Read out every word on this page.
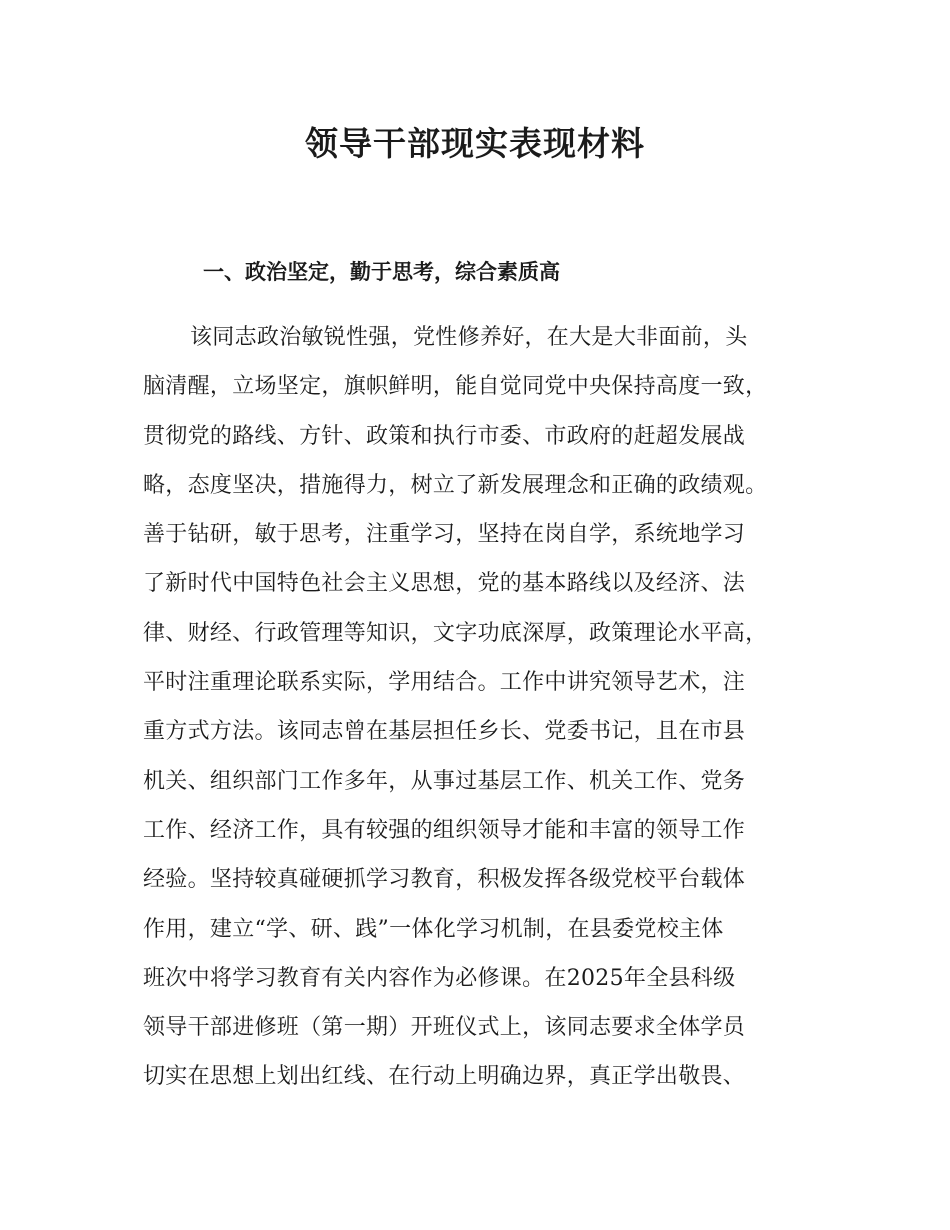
领导干部现实表现材料
一、政治坚定，勤于思考，综合素质高
该同志政治敏锐性强，党性修养好，在大是大非面前，头
脑清醒，立场坚定，旗帜鲜明，能自觉同党中央保持高度一致，
贯彻党的路线、方针、政策和执行市委、市政府的赶超发展战
略，态度坚决，措施得力，树立了新发展理念和正确的政绩观。
善于钻研，敏于思考，注重学习，坚持在岗自学，系统地学习
了新时代中国特色社会主义思想，党的基本路线以及经济、法
律、财经、行政管理等知识，文字功底深厚，政策理论水平高，
平时注重理论联系实际，学用结合。工作中讲究领导艺术，注
重方式方法。该同志曾在基层担任乡长、党委书记，且在市县
机关、组织部门工作多年，从事过基层工作、机关工作、党务
工作、经济工作，具有较强的组织领导才能和丰富的领导工作
经验。坚持较真碰硬抓学习教育，积极发挥各级党校平台载体
作用，建立“学、研、践”一体化学习机制，在县委党校主体
班次中将学习教育有关内容作为必修课。在2025年全县科级
领导干部进修班（第一期）开班仪式上，该同志要求全体学员
切实在思想上划出红线、在行动上明确边界，真正学出敬畏、
